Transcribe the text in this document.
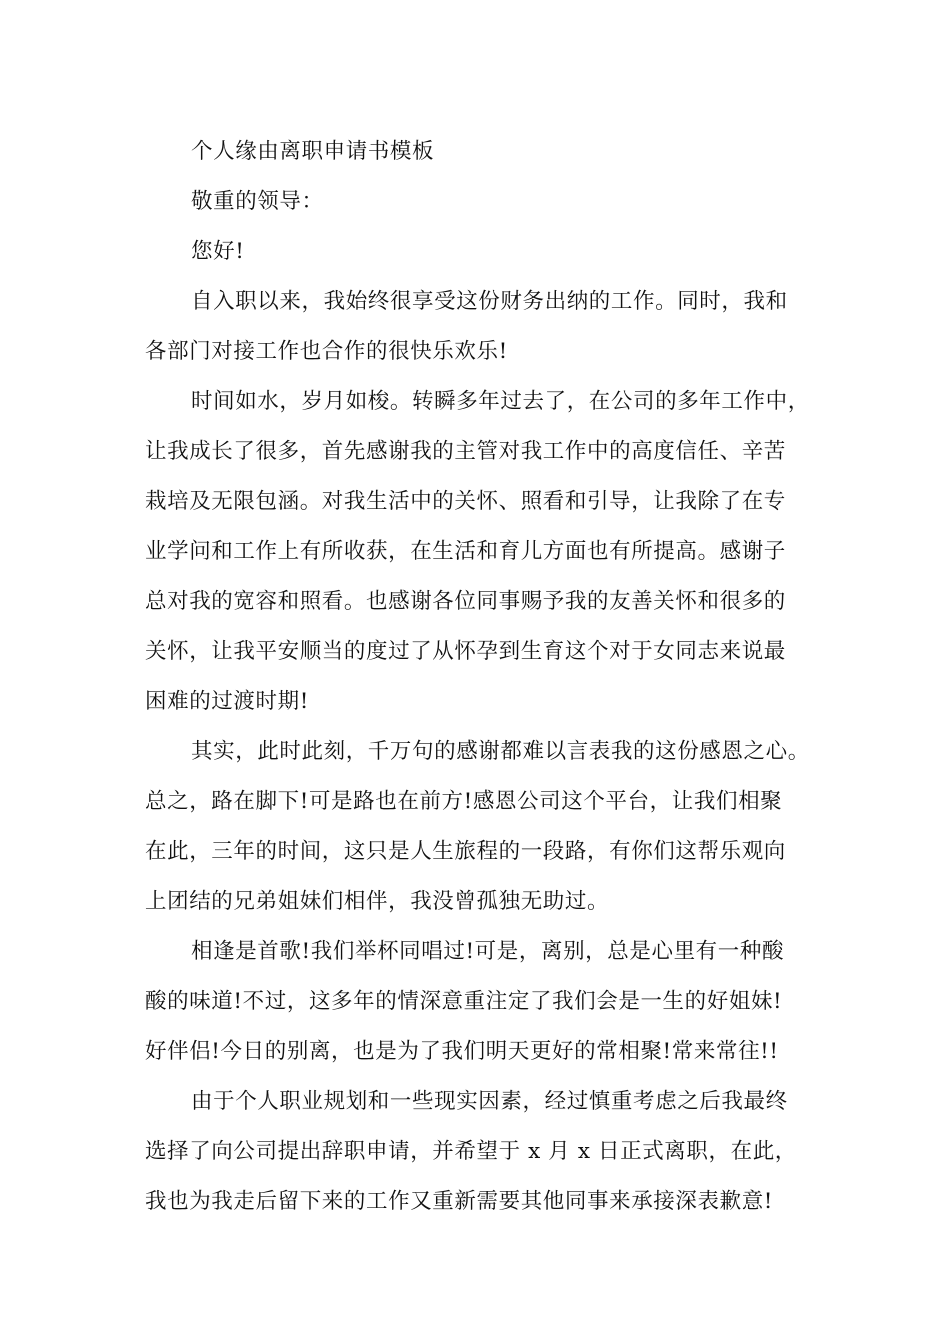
个人缘由离职申请书模板
敬重的领导：
您好!
自入职以来，我始终很享受这份财务出纳的工作。同时，我和
各部门对接工作也合作的很快乐欢乐!
时间如水，岁月如梭。转瞬多年过去了，在公司的多年工作中，
让我成长了很多，首先感谢我的主管对我工作中的高度信任、辛苦
栽培及无限包涵。对我生活中的关怀、照看和引导，让我除了在专
业学问和工作上有所收获，在生活和育儿方面也有所提高。感谢子
总对我的宽容和照看。也感谢各位同事赐予我的友善关怀和很多的
关怀，让我平安顺当的度过了从怀孕到生育这个对于女同志来说最
困难的过渡时期!
其实，此时此刻，千万句的感谢都难以言表我的这份感恩之心。
总之，路在脚下!可是路也在前方!感恩公司这个平台，让我们相聚
在此，三年的时间，这只是人生旅程的一段路，有你们这帮乐观向
上团结的兄弟姐妹们相伴，我没曾孤独无助过。
相逢是首歌!我们举杯同唱过!可是，离别，总是心里有一种酸
酸的味道!不过，这多年的情深意重注定了我们会是一生的好姐妹!
好伴侣!今日的别离，也是为了我们明天更好的常相聚!常来常往!!
由于个人职业规划和一些现实因素，经过慎重考虑之后我最终
选择了向公司提出辞职申请，并希望于 x 月 x 日正式离职，在此，
我也为我走后留下来的工作又重新需要其他同事来承接深表歉意!
